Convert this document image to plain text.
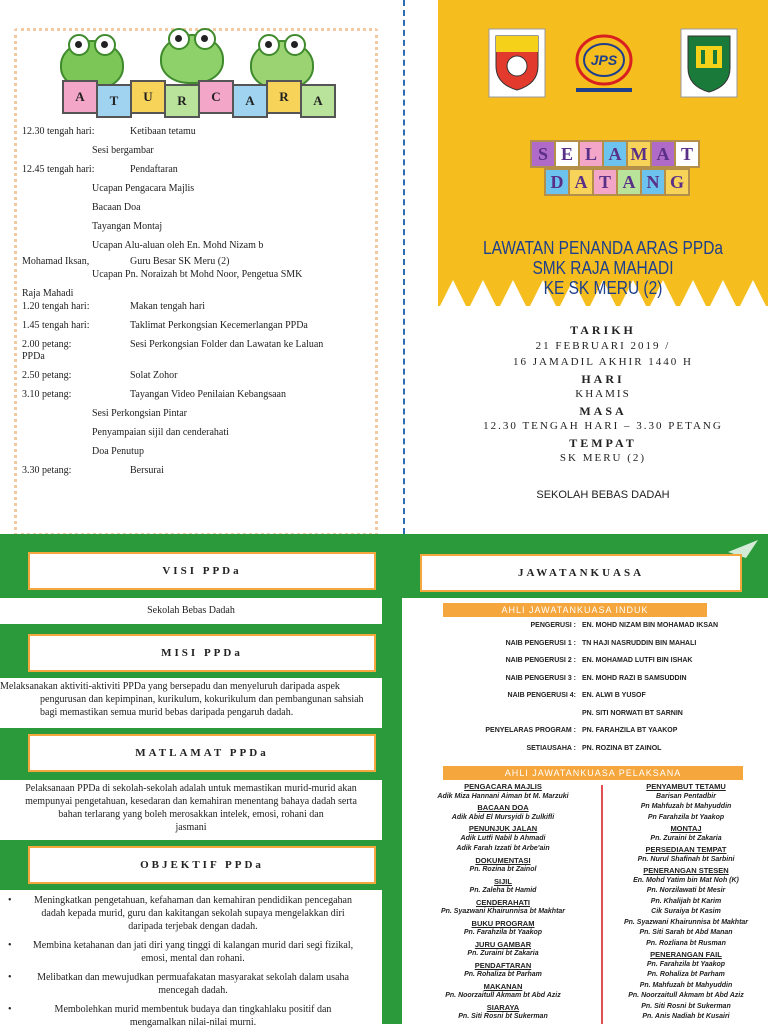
A	T	U	R	C	A	R	A
12.30 tengah hari:	Ketibaan tetamu
Sesi bergambar
12.45 tengah hari:	Pendaftaran
Ucapan Pengacara Majlis
Bacaan Doa
Tayangan Montaj
Ucapan Alu-aluan oleh En. Mohd Nizam b
Mohamad Iksan,	Guru Besar SK Meru (2)
Ucapan Pn. Noraizah bt Mohd Noor, Pengetua SMK
Raja Mahadi
1.20 tengah hari:	Makan tengah hari
1.45 tengah hari:	Taklimat Perkongsian Kecemerlangan PPDa
2.00 petang:	Sesi Perkongsian Folder dan Lawatan ke Laluan
PPDa
2.50 petang:	Solat Zohor
3.10 petang:	Tayangan Video Penilaian Kebangsaan
Sesi Perkongsian Pintar
Penyampaian sijil dan cenderahati
Doa Penutup
3.30 petang:	Bersurai
JPS
S E L A M A T
D A T A N G
LAWATAN PENANDA ARAS PPDa
SMK RAJA MAHADI
KE SK MERU (2)
TARIKH
21 FEBRUARI 2019 /
16 JAMADIL AKHIR 1440 H
HARI
KHAMIS
MASA
12.30 TENGAH HARI – 3.30 PETANG
TEMPAT
SK MERU (2)
SEKOLAH BEBAS DADAH
VISI PPDa
Sekolah Bebas Dadah
MISI PPDa
Melaksanakan aktiviti-aktiviti PPDa yang bersepadu dan menyeluruh daripada aspek
pengurusan dan kepimpinan, kurikulum, kokurikulum dan pembangunan sahsiah
bagi memastikan semua murid bebas daripada pengaruh dadah.
MATLAMAT PPDa
Pelaksanaan PPDa di sekolah-sekolah adalah untuk memastikan murid-murid akan
mempunyai pengetahuan, kesedaran dan kemahiran menentang bahaya dadah serta
bahan terlarang yang boleh merosakkan intelek, emosi, rohani dan
jasmani
OBJEKTIF PPDa
•	Meningkatkan pengetahuan, kefahaman dan kemahiran pendidikan pencegahan
dadah kepada murid, guru dan kakitangan sekolah supaya mengelakkan diri
daripada terjebak dengan dadah.
•	Membina ketahanan dan jati diri yang tinggi di kalangan murid dari segi fizikal,
emosi, mental dan rohani.
•	Melibatkan dan mewujudkan permuafakatan masyarakat sekolah dalam usaha
mencegah dadah.
•	Membolehkan murid membentuk budaya dan tingkahlaku positif dan
mengamalkan nilai-nilai murni.
JAWATANKUASA
AHLI JAWATANKUASA INDUK
PENGERUSI : EN. MOHD NIZAM BIN MOHAMAD IKSAN
NAIB PENGERUSI 1 : TN HAJI NASRUDDIN BIN MAHALI
NAIB PENGERUSI 2 : EN. MOHAMAD LUTFI BIN ISHAK
NAIB PENGERUSI 3 : EN. MOHD RAZI B SAMSUDDIN
NAIB PENGERUSI 4: EN. ALWI B YUSOF
PN. SITI NORWATI BT SARNIN
PENYELARAS PROGRAM : PN. FARAHZILA BT YAAKOP
SETIAUSAHA : PN. ROZINA BT ZAINOL
AHLI JAWATANKUASA PELAKSANA
PENGACARA MAJLIS
Adik Miza Hannani Aiman bt M. Marzuki
BACAAN DOA
Adik Abid El Mursyidi b Zulkifli
PENUNJUK JALAN
Adik Lutfi Nabil b Ahmadi
Adik Farah Izzati bt Arbe'ain
DOKUMENTASI
Pn. Rozina bt Zainol
SIJIL
Pn. Zaleha bt Hamid
CENDERAHATI
Pn. Syazwani Khairunnisa bt Makhtar
BUKU PROGRAM
Pn. Farahzila bt Yaakop
JURU GAMBAR
Pn. Zuraini bt Zakaria
PENDAFTARAN
Pn. Rohaliza bt Parham
MAKANAN
Pn. Noorzaitull Akmam bt Abd Aziz
SIARAYA
Pn. Siti Rosni bt Sukerman
PENYAMBUT TETAMU
Barisan Pentadbir
Pn Mahfuzah bt Mahyuddin
Pn Farahzila bt Yaakop
MONTAJ
Pn. Zuraini bt Zakaria
PERSEDIAAN TEMPAT
Pn. Nurul Shafinah bt Sarbini
PENERANGAN STESEN
En. Mohd Yatim bin Mat Noh (K)
Pn. Norzilawati bt Mesir
Pn. Khalijah bt Karim
Cik Suraiya bt Kasim
Pn. Syazwani Khairunnisa bt Makhtar
Pn. Siti Sarah bt Abd Manan
Pn. Rozliana bt Rusman
PENERANGAN FAIL
Pn. Farahzila bt Yaakop
Pn. Rohaliza bt Parham
Pn. Mahfuzah bt Mahyuddin
Pn. Noorzaitull Akmam bt Abd Aziz
Pn. Siti Rosni bt Sukerman
Pn. Anis Nadiah bt Kusairi
